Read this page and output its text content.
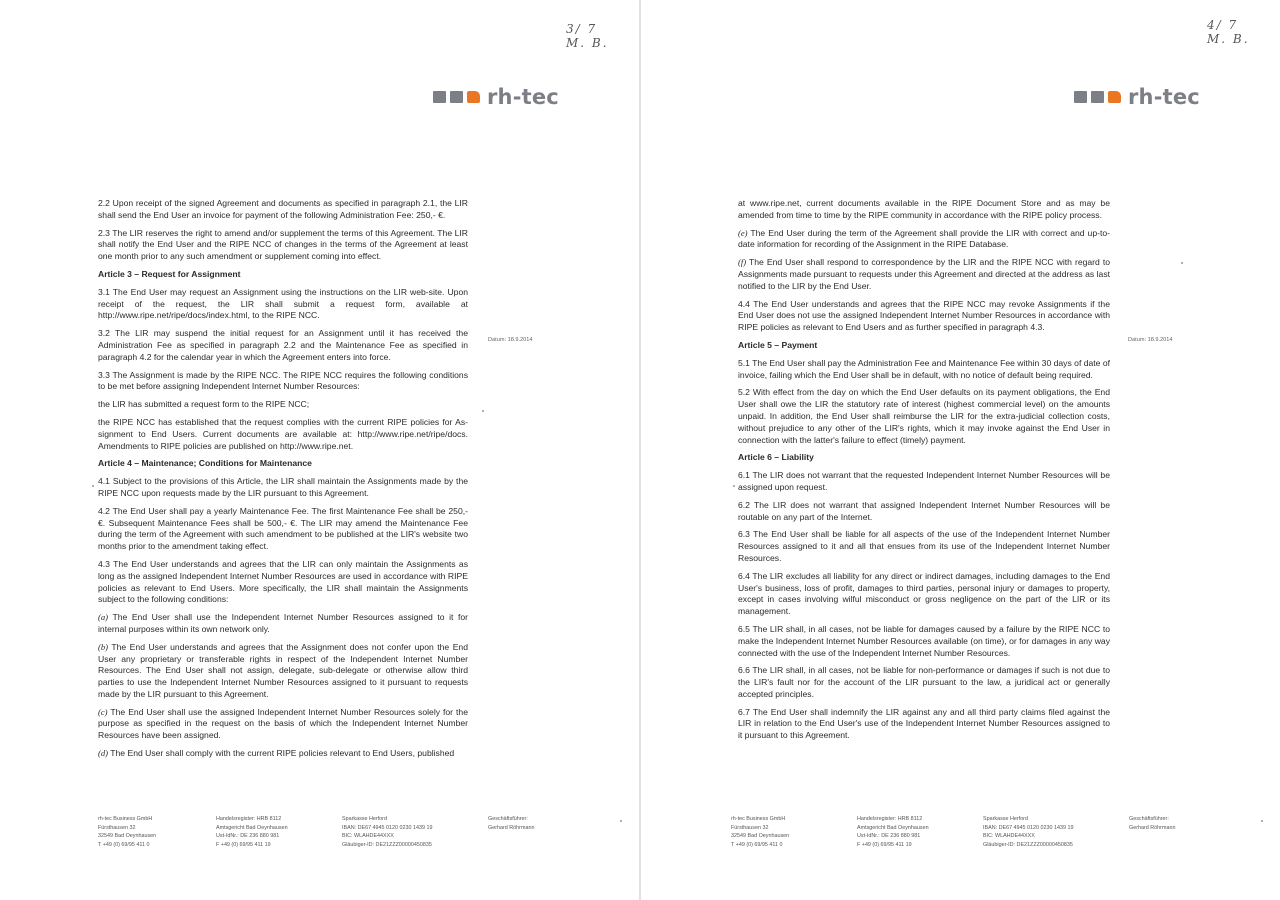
3/ 7
M. B.
rh-tec
Datum: 18.9.2014

2.2 Upon receipt of the signed Agreement and documents as specified in paragraph 2.1, the LIR shall send the End User an invoice for payment of the following Administration Fee: 250,- €.

2.3 The LIR reserves the right to amend and/or supplement the terms of this Agreement. The LIR shall notify the End User and the RIPE NCC of changes in the terms of the Agreement at least one month prior to any such amendment or supplement coming into effect.

Article 3 – Request for Assignment

3.1 The End User may request an Assignment using the instructions on the LIR web-site. Upon receipt of the request, the LIR shall submit a request form, available at http://www.ripe.net/ripe/docs/index.html, to the RIPE NCC.

3.2 The LIR may suspend the initial request for an Assignment until it has received the Administration Fee as specified in paragraph 2.2 and the Maintenance Fee as specified in paragraph 4.2 for the calendar year in which the Agreement enters into force.

3.3 The Assignment is made by the RIPE NCC. The RIPE NCC requires the following conditions to be met before assigning Independent Internet Number Resources:

the LIR has submitted a request form to the RIPE NCC;

the RIPE NCC has established that the request complies with the current RIPE policies for As-signment to End Users. Current documents are available at: http://www.ripe.net/ripe/docs. Amendments to RIPE policies are published on http://www.ripe.net.

Article 4 – Maintenance; Conditions for Maintenance

4.1 Subject to the provisions of this Article, the LIR shall maintain the Assignments made by the RIPE NCC upon requests made by the LIR pursuant to this Agreement.

4.2 The End User shall pay a yearly Maintenance Fee. The first Maintenance Fee shall be 250,- €. Subsequent Maintenance Fees shall be 500,- €. The LIR may amend the Maintenance Fee during the term of the Agreement with such amendment to be published at the LIR's website two months prior to the amendment taking effect.

4.3 The End User understands and agrees that the LIR can only maintain the Assignments as long as the assigned Independent Internet Number Resources are used in accordance with RIPE policies as relevant to End Users. More specifically, the LIR shall maintain the Assignments subject to the following conditions:

(a) The End User shall use the Independent Internet Number Resources assigned to it for internal purposes within its own network only.

(b) The End User understands and agrees that the Assignment does not confer upon the End User any proprietary or transferable rights in respect of the Independent Internet Number Resources. The End User shall not assign, delegate, sub-delegate or otherwise allow third parties to use the Independent Internet Number Resources assigned to it pursuant to requests made by the LIR pursuant to this Agreement.

(c) The End User shall use the assigned Independent Internet Number Resources solely for the purpose as specified in the request on the basis of which the Independent Internet Number Resources have been assigned.

(d) The End User shall comply with the current RIPE policies relevant to End Users, published

rh-tec Business GmbH
Fürsthausen 32
32549 Bad Oeynhausen
T +49 (0) 69/95 411 0
Handelsregister: HRB 8112
Amtsgericht Bad Oeynhausen
Ust-IdNr.: DE 236 880 981
F +49 (0) 69/95 411 19
Sparkasse Herford
IBAN: DE67 4945 0120 0230 1439 19
BIC: WLAHDE44XXX
Gläubiger-ID: DE21ZZZ00000450835
Geschäftsführer:
Gerhard Röhrmann
4/ 7
M. B.
rh-tec
Datum: 18.9.2014

at www.ripe.net, current documents available in the RIPE Document Store and as may be amended from time to time by the RIPE community in accordance with the RIPE policy process.

(e) The End User during the term of the Agreement shall provide the LIR with correct and up-to-date information for recording of the Assignment in the RIPE Database.

(f) The End User shall respond to correspondence by the LIR and the RIPE NCC with regard to Assignments made pursuant to requests under this Agreement and directed at the address as last notified to the LIR by the End User.

4.4 The End User understands and agrees that the RIPE NCC may revoke Assignments if the End User does not use the assigned Independent Internet Number Resources in accordance with RIPE policies as relevant to End Users and as further specified in paragraph 4.3.

Article 5 – Payment

5.1 The End User shall pay the Administration Fee and Maintenance Fee within 30 days of date of invoice, failing which the End User shall be in default, with no notice of default being required.

5.2 With effect from the day on which the End User defaults on its payment obligations, the End User shall owe the LIR the statutory rate of interest (highest commercial level) on the amounts unpaid. In addition, the End User shall reimburse the LIR for the extra-judicial collection costs, without prejudice to any other of the LIR's rights, which it may invoke against the End User in connection with the latter's failure to effect (timely) payment.

Article 6 – Liability

6.1 The LIR does not warrant that the requested Independent Internet Number Resources will be assigned upon request.

6.2 The LIR does not warrant that assigned Independent Internet Number Resources will be routable on any part of the Internet.

6.3 The End User shall be liable for all aspects of the use of the Independent Internet Number Resources assigned to it and all that ensues from its use of the Independent Internet Number Resources.

6.4 The LIR excludes all liability for any direct or indirect damages, including damages to the End User's business, loss of profit, damages to third parties, personal injury or damages to property, except in cases involving wilful misconduct or gross negligence on the part of the LIR or its management.

6.5 The LIR shall, in all cases, not be liable for damages caused by a failure by the RIPE NCC to make the Independent Internet Number Resources available (on time), or for damages in any way connected with the use of the Independent Internet Number Resources.

6.6 The LIR shall, in all cases, not be liable for non-performance or damages if such is not due to the LIR's fault nor for the account of the LIR pursuant to the law, a juridical act or generally accepted principles.

6.7 The End User shall indemnify the LIR against any and all third party claims filed against the LIR in relation to the End User's use of the Independent Internet Number Resources assigned to it pursuant to this Agreement.

rh-tec Business GmbH
Fürsthausen 32
32549 Bad Oeynhausen
T +49 (0) 69/95 411 0
Handelsregister: HRB 8112
Amtsgericht Bad Oeynhausen
Ust-IdNr.: DE 236 880 981
F +49 (0) 69/95 411 19
Sparkasse Herford
IBAN: DE67 4945 0120 0230 1439 19
BIC: WLAHDE44XXX
Gläubiger-ID: DE21ZZZ00000450835
Geschäftsführer:
Gerhard Röhrmann
